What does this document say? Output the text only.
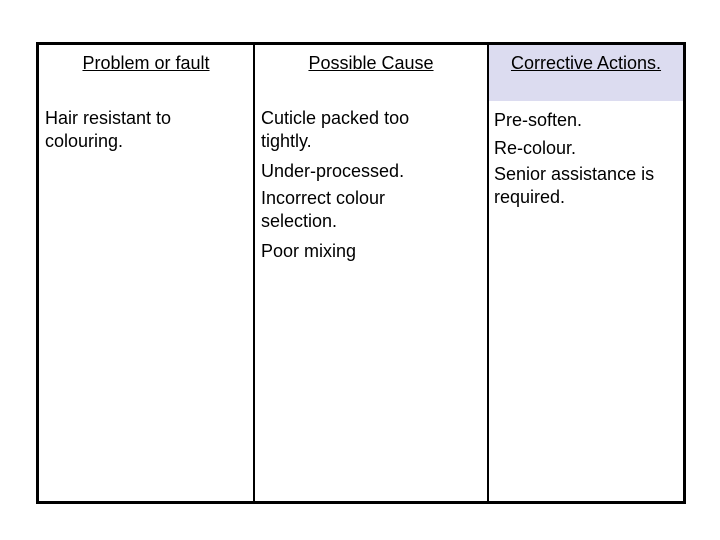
Problem or fault	Possible Cause	Corrective Actions.
Hair resistant to
colouring.
Cuticle packed too
tightly.
Under-processed.
Incorrect colour
selection.
Poor mixing
Pre-soften.
Re-colour.
Senior assistance is
required.
